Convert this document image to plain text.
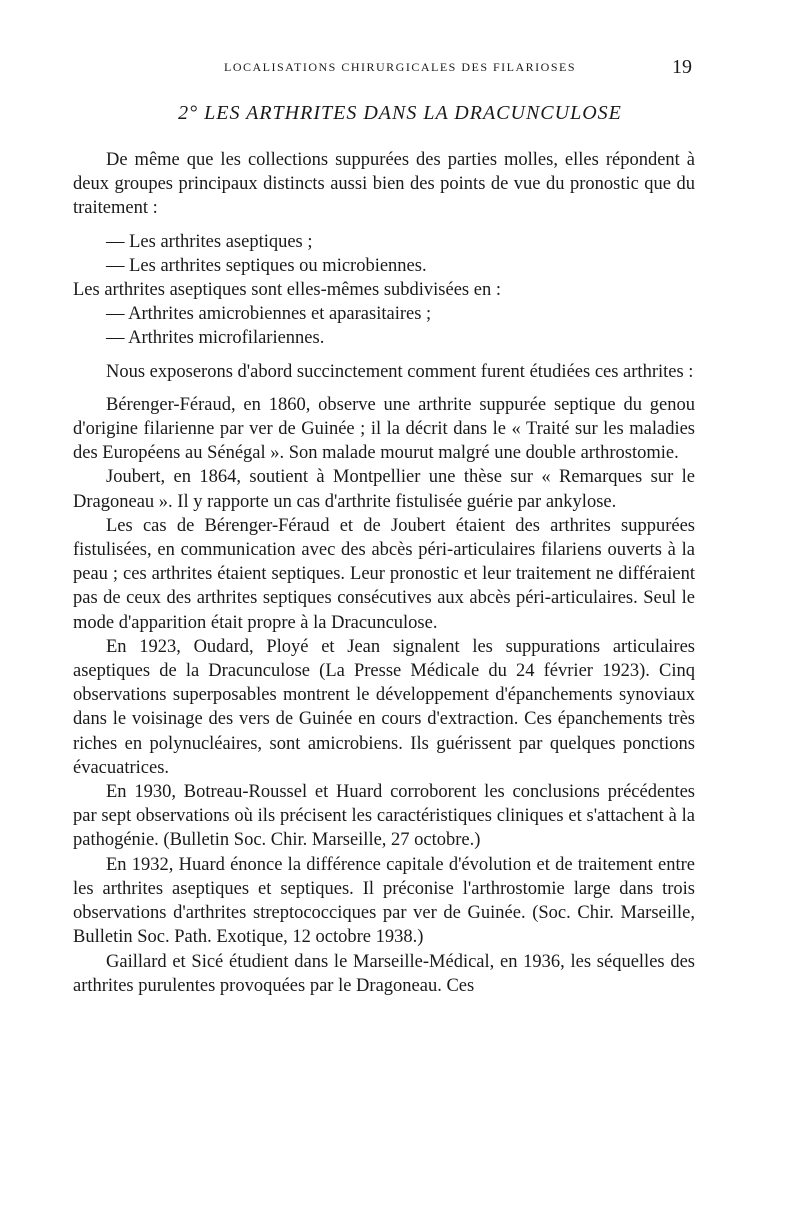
LOCALISATIONS CHIRURGICALES DES FILARIOSES	19
2° LES ARTHRITES DANS LA DRACUNCULOSE

De même que les collections suppurées des parties molles, elles répondent à deux groupes principaux distincts aussi bien des points de vue du pronostic que du traitement :

— Les arthrites aseptiques ;
— Les arthrites septiques ou microbiennes.
Les arthrites aseptiques sont elles-mêmes subdivisées en :
— Arthrites amicrobiennes et aparasitaires ;
— Arthrites microfilariennes.

Nous exposerons d'abord succinctement comment furent étudiées ces arthrites :

Bérenger-Féraud, en 1860, observe une arthrite suppurée septique du genou d'origine filarienne par ver de Guinée ; il la décrit dans le « Traité sur les maladies des Européens au Sénégal ». Son malade mourut malgré une double arthrostomie.

Joubert, en 1864, soutient à Montpellier une thèse sur « Remarques sur le Dragoneau ». Il y rapporte un cas d'arthrite fistulisée guérie par ankylose.

Les cas de Bérenger-Féraud et de Joubert étaient des arthrites suppurées fistulisées, en communication avec des abcès péri-articulaires filariens ouverts à la peau ; ces arthrites étaient septiques. Leur pronostic et leur traitement ne différaient pas de ceux des arthrites septiques consécutives aux abcès péri-articulaires. Seul le mode d'apparition était propre à la Dracunculose.

En 1923, Oudard, Ployé et Jean signalent les suppurations articulaires aseptiques de la Dracunculose (La Presse Médicale du 24 février 1923). Cinq observations superposables montrent le développement d'épanchements synoviaux dans le voisinage des vers de Guinée en cours d'extraction. Ces épanchements très riches en polynucléaires, sont amicrobiens. Ils guérissent par quelques ponctions évacuatrices.

En 1930, Botreau-Roussel et Huard corroborent les conclusions précédentes par sept observations où ils précisent les caractéristiques cliniques et s'attachent à la pathogénie. (Bulletin Soc. Chir. Marseille, 27 octobre.)

En 1932, Huard énonce la différence capitale d'évolution et de traitement entre les arthrites aseptiques et septiques. Il préconise l'arthrostomie large dans trois observations d'arthrites streptococciques par ver de Guinée. (Soc. Chir. Marseille, Bulletin Soc. Path. Exotique, 12 octobre 1938.)

Gaillard et Sicé étudient dans le Marseille-Médical, en 1936, les séquelles des arthrites purulentes provoquées par le Dragoneau. Ces
